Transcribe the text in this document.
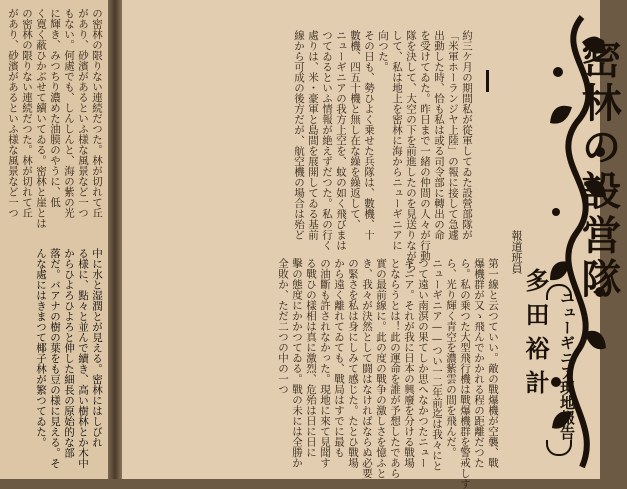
の密林の限りない連続だつた。林が切れて丘
があり、砂濱があるといふ様な風景など一つ
もない。何處でも、しんしんと、海の紫の光
に輝き、みつちり濃めた油膜のやうに、低
く寛く蔽ひかぶせて續いてゐる。密林と崖とは
の密林の限りない連続だつた。林が切れて丘
があり、砂濱があるといふ様な風景など一つ	密林の設営隊
ニューギニア現地報告
報道班員
多田裕計
約三ケ月の期間私が從軍してゐた設營部隊が
「米軍ホーランジヤ上陸」の報に接して急遽
出動した時、恰も私は或る司令部に轉出の命
を受けてゐた。昨日まで一緒の仲間の人々が行動
隊を決して、大空の下を前進したのを見送りながら
して、私は地上を密林に海からニューギニアに
向つた。
その日も、勢ひよく乗せた兵隊は、數機、十
數機、四五十機と無し在な繰を繰返して、
ニューギニアの我方上空を、蚊の如く飛びまは
つてゐるといふ情報が絶えずだつた。私の行く
處りは、米・豪軍と島間を展開してゐる基前
線から可成の後方だが、航空機の場合は殆ど
第一線と云つていい。敵の戰爆機が空襲、戰
爆機群が又ゝ飛んでかかれる程の距離だつた
ら。私の乗つた大型飛行機は戰爆機群を警戒しす
ら、光り輝く青空を濃紫雲の間を飛んだ。
ニューギニア——つい一二年前迄は我々にと
つて遠い南溟の果てしか思へなかつたニュー
ギニア。それが我に日本の興廢を分ける戰場
とならうとは！此の運命を誰が予想したであら
實の最前線に。此の度の戰争の激しさを憶ふと
き、我々が決然として闘はなければならぬ必要
の緊さを私は身にしみて感じた。たとひ戰場
から遠く離れてゐても、戰局はすでに最も
の油斷も許されなかった。現地に來て見聞す
る戰ひの樣相は真に激烈、危殆は日に日に
擊の態度にかかつてゐる。戰の未には全勝か
全敗か、ただ二つの中の一つ
中に水と湿潤とが見える。密林にはしびれ
る様に、點々と並んで續き、高い樹林とか木中
からひよろひよろと伸した細長の原始的な部
落だ。バアナの樹の葉をも豆の様に見える。そ
んな處にはきまつて椰子林が繁つてゐた。
